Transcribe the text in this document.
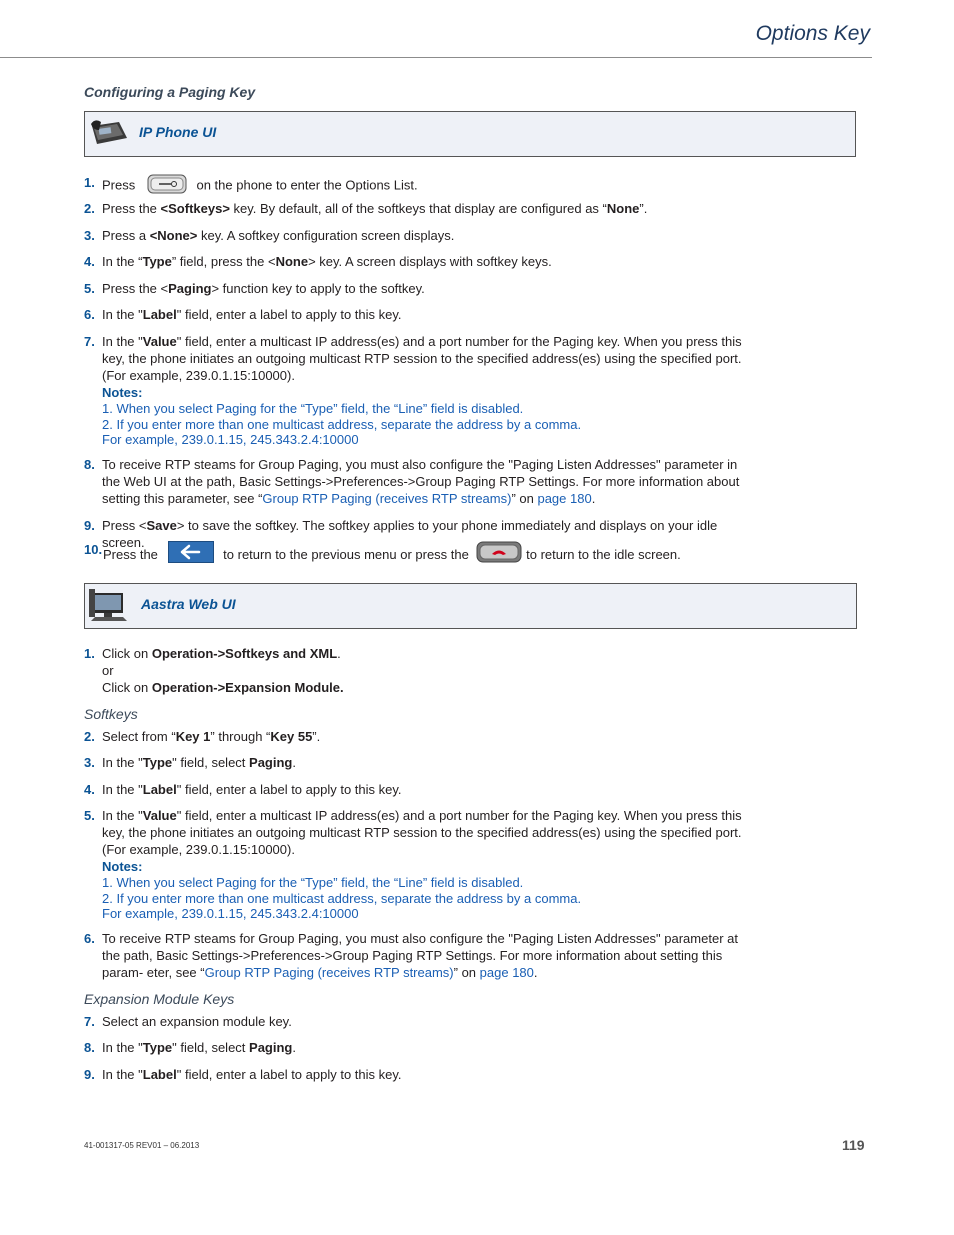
Options Key
Configuring a Paging Key
IP Phone UI
1. Press	on the phone to enter the Options List.
2. Press the <Softkeys> key. By default, all of the softkeys that display are configured as “None”.
3. Press a <None> key. A softkey configuration screen displays.
4. In the “Type” field, press the <None> key. A screen displays with softkey keys.
5. Press the <Paging> function key to apply to the softkey.
6. In the "Label" field, enter a label to apply to this key.
7. In the "Value" field, enter a multicast IP address(es) and a port number for the Paging key. When you press this key, the phone initiates an outgoing multicast RTP session to the specified address(es) using the specified port. (For example, 239.0.1.15:10000).
Notes:
1. When you select Paging for the “Type” field, the “Line” field is disabled.
2. If you enter more than one multicast address, separate the address by a comma.
For example, 239.0.1.15, 245.343.2.4:10000
8. To receive RTP steams for Group Paging, you must also configure the "Paging Listen Addresses" parameter in the Web UI at the path, Basic Settings->Preferences->Group Paging RTP Settings. For more information about setting this parameter, see “Group RTP Paging (receives RTP streams)” on page 180.
9. Press <Save> to save the softkey. The softkey applies to your phone immediately and displays on your idle screen.
10. Press the	to return to the previous menu or press the	to return to the idle screen.
Aastra Web UI
1. Click on Operation->Softkeys and XML.
or
Click on Operation->Expansion Module.
Softkeys
2. Select from “Key 1” through “Key 55”.
3. In the "Type" field, select Paging.
4. In the "Label" field, enter a label to apply to this key.
5. In the "Value" field, enter a multicast IP address(es) and a port number for the Paging key. When you press this key, the phone initiates an outgoing multicast RTP session to the specified address(es) using the specified port. (For example, 239.0.1.15:10000).
Notes:
1. When you select Paging for the “Type” field, the “Line” field is disabled.
2. If you enter more than one multicast address, separate the address by a comma.
For example, 239.0.1.15, 245.343.2.4:10000
6. To receive RTP steams for Group Paging, you must also configure the "Paging Listen Addresses" parameter at the path, Basic Settings->Preferences->Group Paging RTP Settings. For more information about setting this param- eter, see “Group RTP Paging (receives RTP streams)” on page 180.
Expansion Module Keys
7. Select an expansion module key.
8. In the "Type" field, select Paging.
9. In the "Label" field, enter a label to apply to this key.
41-001317-05 REV01 – 06.2013	119
